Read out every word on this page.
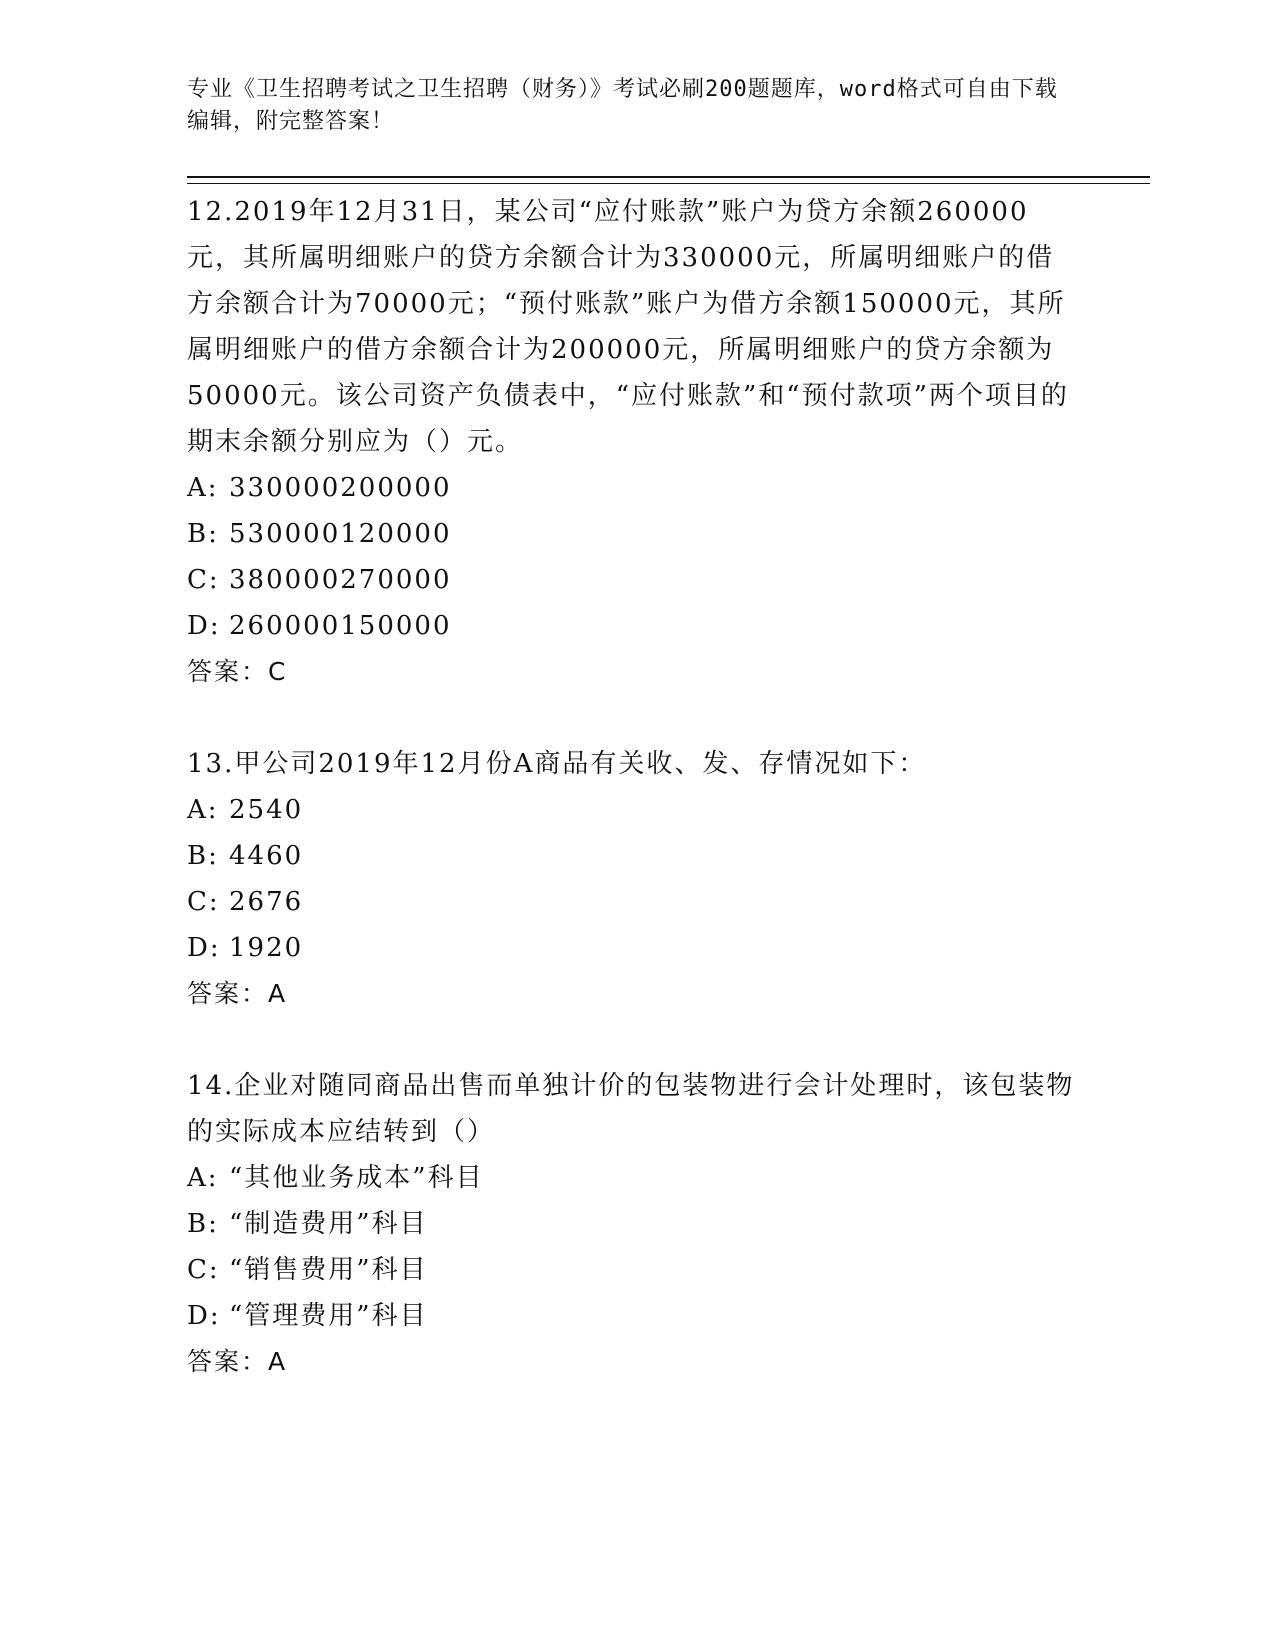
专业《卫生招聘考试之卫生招聘（财务）》考试必刷200题题库，word格式可自由下载编辑，附完整答案！

12.2019年12月31日，某公司“应付账款”账户为贷方余额260000元，其所属明细账户的贷方余额合计为330000元，所属明细账户的借方余额合计为70000元；“预付账款”账户为借方余额150000元，其所属明细账户的借方余额合计为200000元，所属明细账户的贷方余额为50000元。该公司资产负债表中，“应付账款”和“预付款项”两个项目的期末余额分别应为（）元。

A: 330000200000

B: 530000120000

C: 380000270000

D: 260000150000

答案：C

13.甲公司2019年12月份A商品有关收、发、存情况如下：

A: 2540

B: 4460

C: 2676

D: 1920

答案：A

14.企业对随同商品出售而单独计价的包装物进行会计处理时，该包装物的实际成本应结转到（）

A: “其他业务成本”科目

B: “制造费用”科目

C: “销售费用”科目

D: “管理费用”科目

答案：A
